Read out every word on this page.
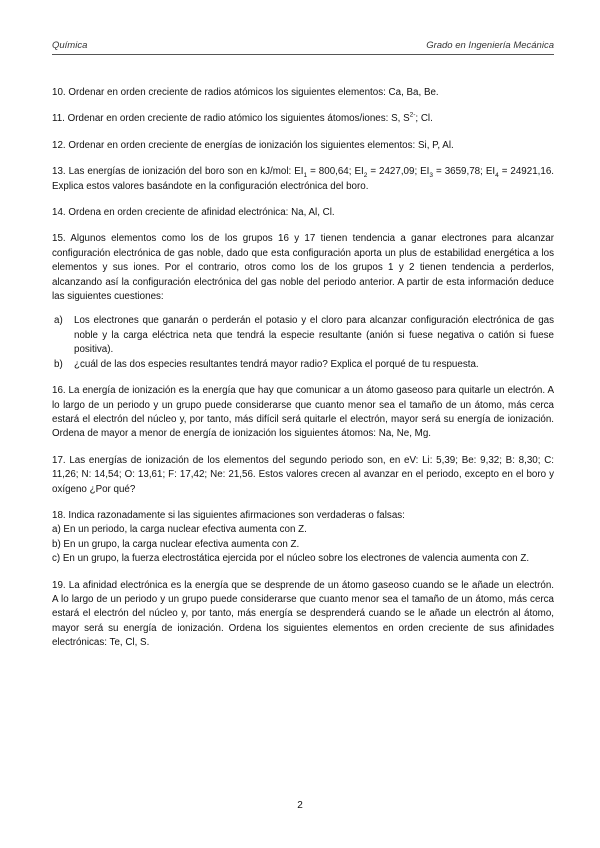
Química	Grado en Ingeniería Mecánica

10. Ordenar en orden creciente de radios atómicos los siguientes elementos: Ca, Ba, Be.

11. Ordenar en orden creciente de radio atómico los siguientes átomos/iones: S, $S^{2-}$; Cl.

12. Ordenar en orden creciente de energías de ionización los siguientes elementos: Si, P, Al.

13. Las energías de ionización del boro son en kJ/mol: $EI_1 = 800,64$; $EI_2 = 2427,09$; $EI_3 = 3659,78$; $EI_4 = 24921,16$. Explica estos valores basándote en la configuración electrónica del boro.

14. Ordena en orden creciente de afinidad electrónica: Na, Al, Cl.

15. Algunos elementos como los de los grupos 16 y 17 tienen tendencia a ganar electrones para alcanzar configuración electrónica de gas noble, dado que esta configuración aporta un plus de estabilidad energética a los elementos y sus iones. Por el contrario, otros como los de los grupos 1 y 2 tienen tendencia a perderlos, alcanzando así la configuración electrónica del gas noble del periodo anterior. A partir de esta información deduce las siguientes cuestiones:

a) Los electrones que ganarán o perderán el potasio y el cloro para alcanzar configuración electrónica de gas noble y la carga eléctrica neta que tendrá la especie resultante (anión si fuese negativa o catión si fuese positiva).
b) ¿cuál de las dos especies resultantes tendrá mayor radio? Explica el porqué de tu respuesta.

16. La energía de ionización es la energía que hay que comunicar a un átomo gaseoso para quitarle un electrón. A lo largo de un periodo y un grupo puede considerarse que cuanto menor sea el tamaño de un átomo, más cerca estará el electrón del núcleo y, por tanto, más difícil será quitarle el electrón, mayor será su energía de ionización. Ordena de mayor a menor de energía de ionización los siguientes átomos: Na, Ne, Mg.

17. Las energías de ionización de los elementos del segundo periodo son, en eV: Li: 5,39; Be: 9,32; B: 8,30; C: 11,26; N: 14,54; O: 13,61; F: 17,42; Ne: 21,56. Estos valores crecen al avanzar en el periodo, excepto en el boro y oxígeno ¿Por qué?

18. Indica razonadamente si las siguientes afirmaciones son verdaderas o falsas:

a) En un periodo, la carga nuclear efectiva aumenta con Z.
b) En un grupo, la carga nuclear efectiva aumenta con Z.
c) En un grupo, la fuerza electrostática ejercida por el núcleo sobre los electrones de valencia aumenta con Z.

19. La afinidad electrónica es la energía que se desprende de un átomo gaseoso cuando se le añade un electrón. A lo largo de un periodo y un grupo puede considerarse que cuanto menor sea el tamaño de un átomo, más cerca estará el electrón del núcleo y, por tanto, más energía se desprenderá cuando se le añade un electrón al átomo, mayor será su energía de ionización. Ordena los siguientes elementos en orden creciente de sus afinidades electrónicas: Te, Cl, S.

2
